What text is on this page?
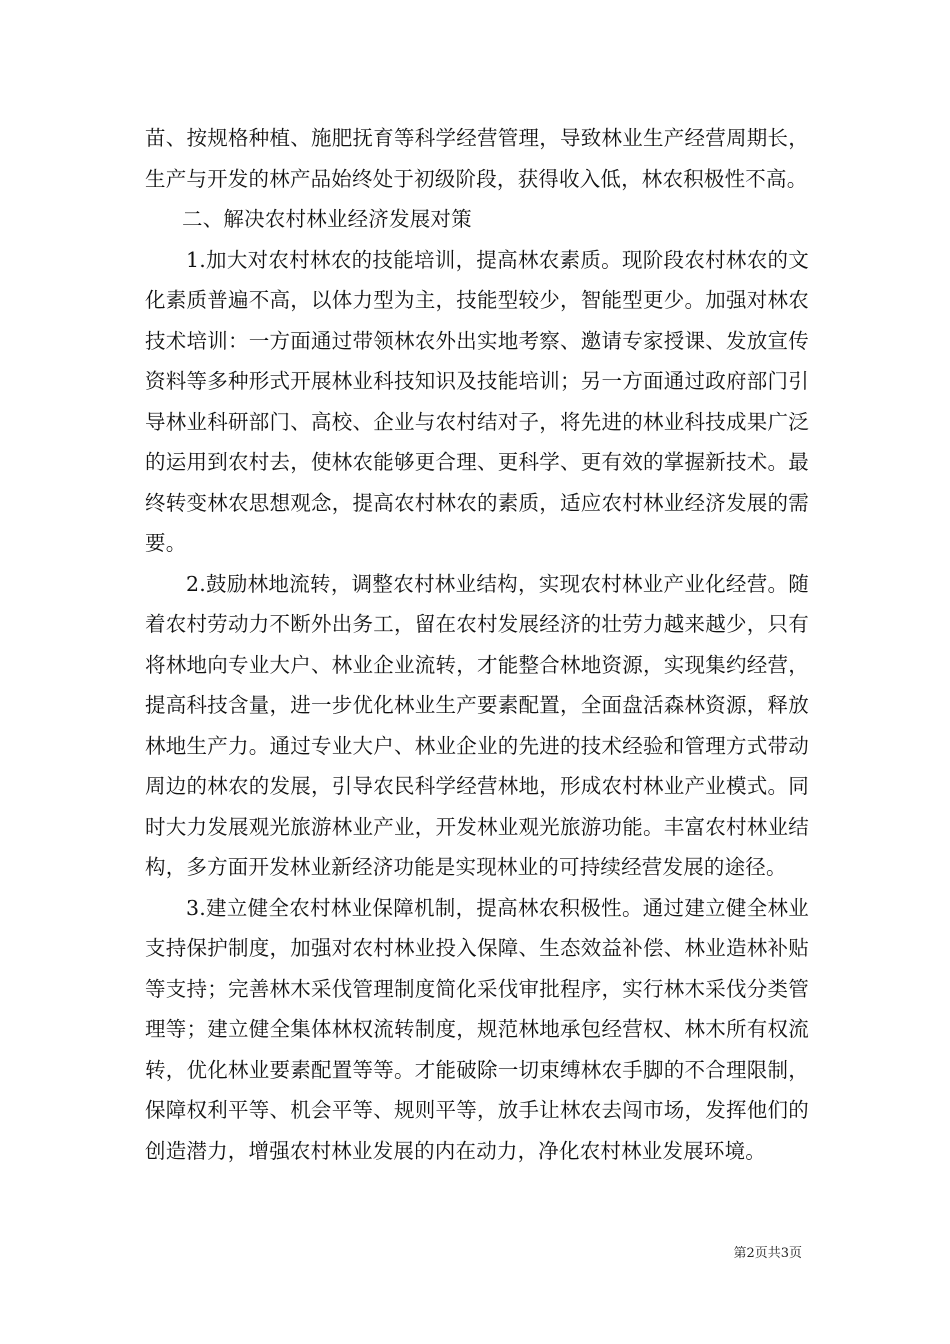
苗、按规格种植、施肥抚育等科学经营管理，导致林业生产经营周期长，生产与开发的林产品始终处于初级阶段，获得收入低，林农积极性不高。

二、解决农村林业经济发展对策

1.加大对农村林农的技能培训，提高林农素质。现阶段农村林农的文化素质普遍不高，以体力型为主，技能型较少，智能型更少。加强对林农技术培训：一方面通过带领林农外出实地考察、邀请专家授课、发放宣传资料等多种形式开展林业科技知识及技能培训；另一方面通过政府部门引导林业科研部门、高校、企业与农村结对子，将先进的林业科技成果广泛的运用到农村去，使林农能够更合理、更科学、更有效的掌握新技术。最终转变林农思想观念，提高农村林农的素质，适应农村林业经济发展的需要。

2.鼓励林地流转，调整农村林业结构，实现农村林业产业化经营。随着农村劳动力不断外出务工，留在农村发展经济的壮劳力越来越少，只有将林地向专业大户、林业企业流转，才能整合林地资源，实现集约经营，提高科技含量，进一步优化林业生产要素配置，全面盘活森林资源，释放林地生产力。通过专业大户、林业企业的先进的技术经验和管理方式带动周边的林农的发展，引导农民科学经营林地，形成农村林业产业模式。同时大力发展观光旅游林业产业，开发林业观光旅游功能。丰富农村林业结构，多方面开发林业新经济功能是实现林业的可持续经营发展的途径。

3.建立健全农村林业保障机制，提高林农积极性。通过建立健全林业支持保护制度，加强对农村林业投入保障、生态效益补偿、林业造林补贴等支持；完善林木采伐管理制度简化采伐审批程序，实行林木采伐分类管理等；建立健全集体林权流转制度，规范林地承包经营权、林木所有权流转，优化林业要素配置等等。才能破除一切束缚林农手脚的不合理限制，保障权利平等、机会平等、规则平等，放手让林农去闯市场，发挥他们的创造潜力，增强农村林业发展的内在动力，净化农村林业发展环境。

第2页共3页
